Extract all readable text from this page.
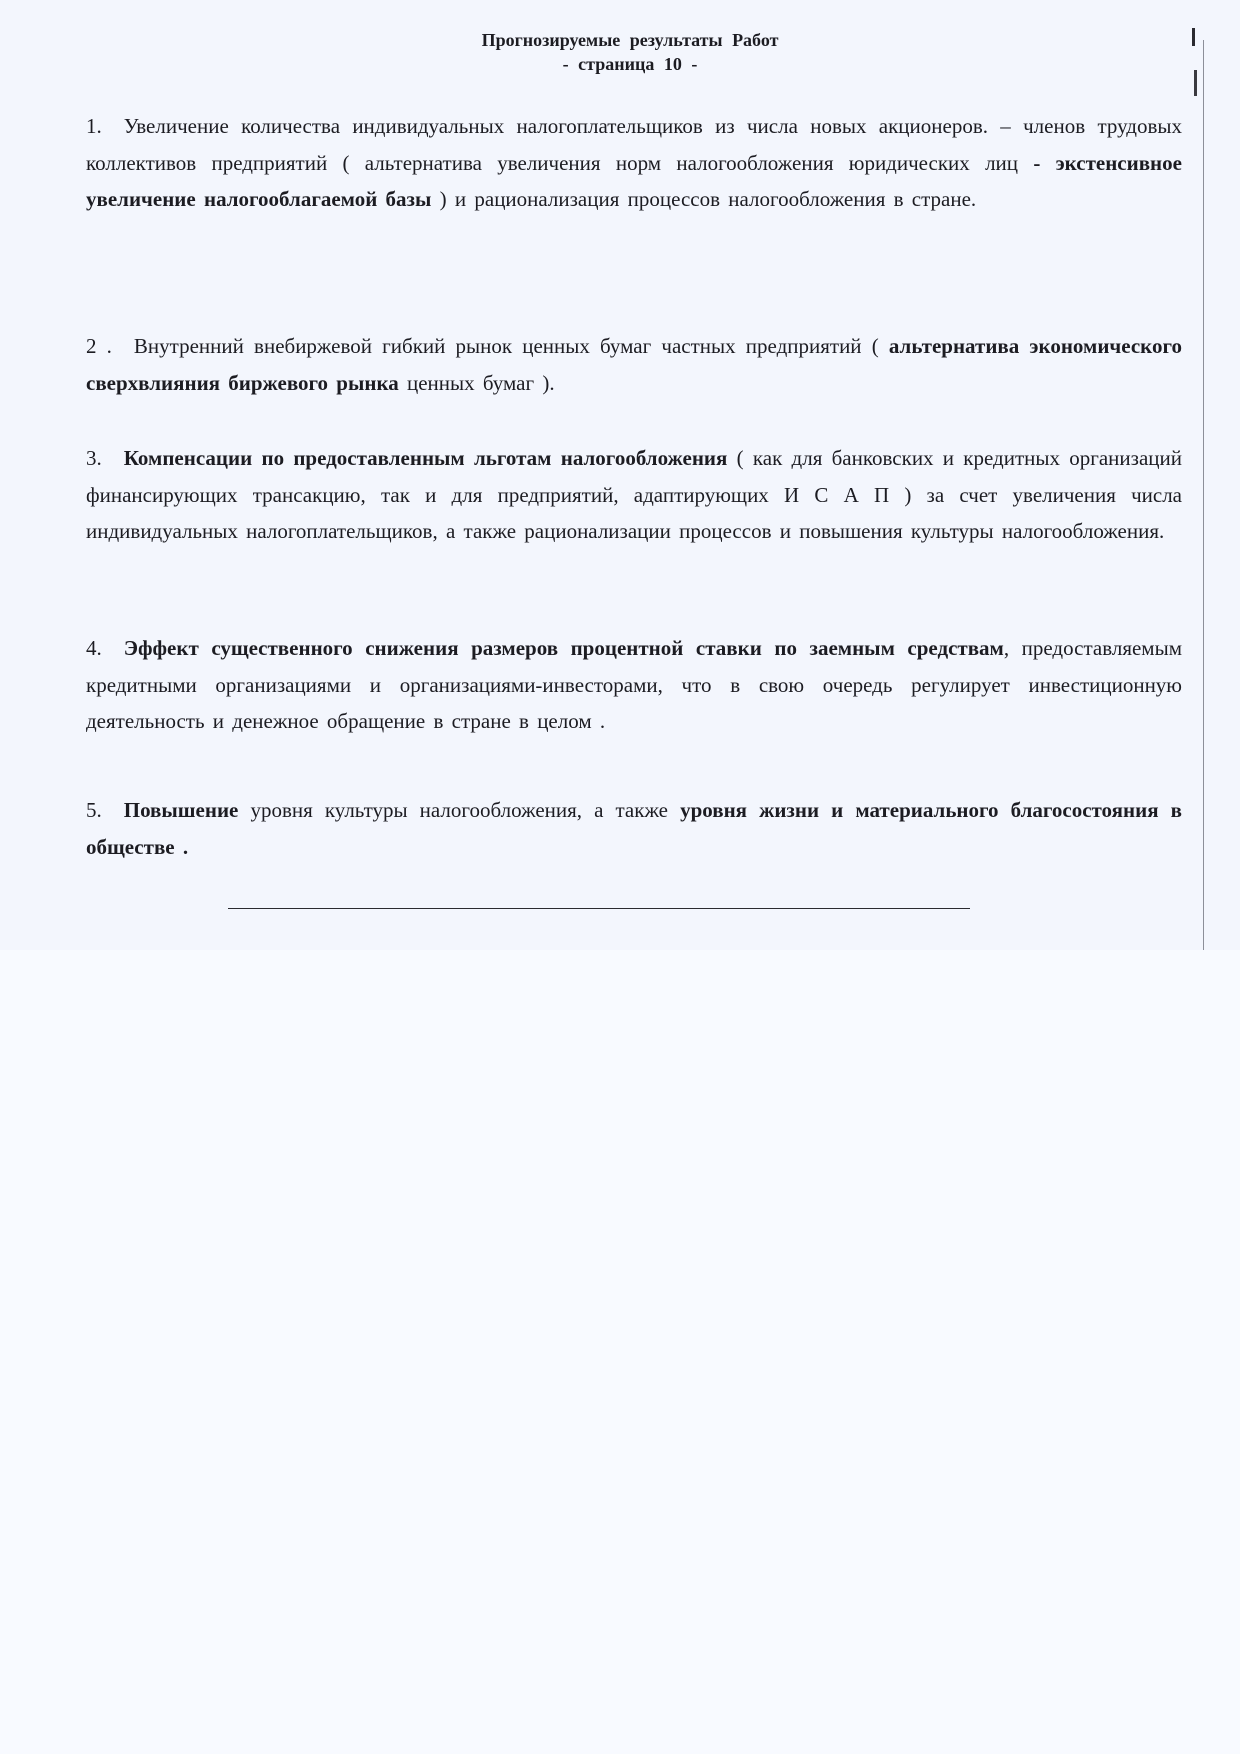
Прогнозируемые результаты Работ
- страница 10 -
1. Увеличение количества индивидуальных налогоплательщиков из числа новых акционеров. – членов трудовых коллективов предприятий ( альтернатива увеличения норм налогообложения юридических лиц - экстенсивное увеличение налогооблагаемой базы ) и рационализация процессов налогообложения в стране.
2 . Внутренний внебиржевой гибкий рынок ценных бумаг частных предприятий ( альтернатива экономического сверхвлияния биржевого рынка ценных бумаг ).
3. Компенсации по предоставленным льготам налогообложения ( как для банковских и кредитных организаций финансирующих трансакцию, так и для предприятий, адаптирующих И С А П ) за счет увеличения числа индивидуальных налогоплательщиков, а также рационализации процессов и повышения культуры налогообложения.
4. Эффект существенного снижения размеров процентной ставки по заемным средствам, предоставляемым кредитными организациями и организациями-инвесторами, что в свою очередь регулирует инвестиционную деятельность и денежное обращение в стране в целом .
5. Повышение уровня культуры налогообложения, а также уровня жизни и материального благосостояния в обществе .
